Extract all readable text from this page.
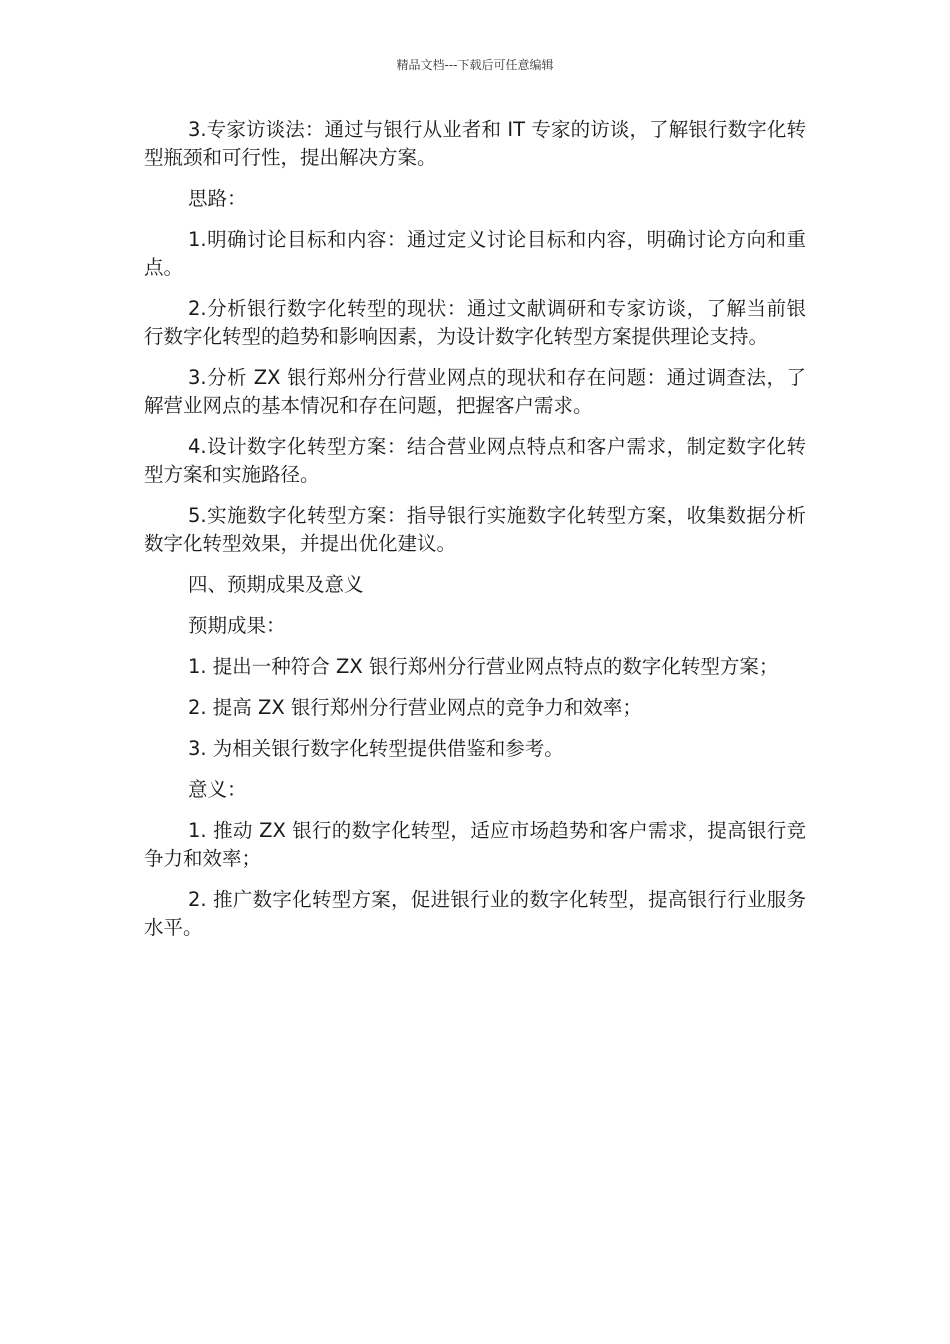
精品文档---下载后可任意编辑

3.专家访谈法：通过与银行从业者和 IT 专家的访谈，了解银行数字化转型瓶颈和可行性，提出解决方案。

思路：

1.明确讨论目标和内容：通过定义讨论目标和内容，明确讨论方向和重点。

2.分析银行数字化转型的现状：通过文献调研和专家访谈，了解当前银行数字化转型的趋势和影响因素，为设计数字化转型方案提供理论支持。

3.分析 ZX 银行郑州分行营业网点的现状和存在问题：通过调查法，了解营业网点的基本情况和存在问题，把握客户需求。

4.设计数字化转型方案：结合营业网点特点和客户需求，制定数字化转型方案和实施路径。

5.实施数字化转型方案：指导银行实施数字化转型方案，收集数据分析数字化转型效果，并提出优化建议。

四、预期成果及意义

预期成果：

1. 提出一种符合 ZX 银行郑州分行营业网点特点的数字化转型方案；

2. 提高 ZX 银行郑州分行营业网点的竞争力和效率；

3. 为相关银行数字化转型提供借鉴和参考。

意义：

1. 推动 ZX 银行的数字化转型，适应市场趋势和客户需求，提高银行竞争力和效率；

2. 推广数字化转型方案，促进银行业的数字化转型，提高银行行业服务水平。
